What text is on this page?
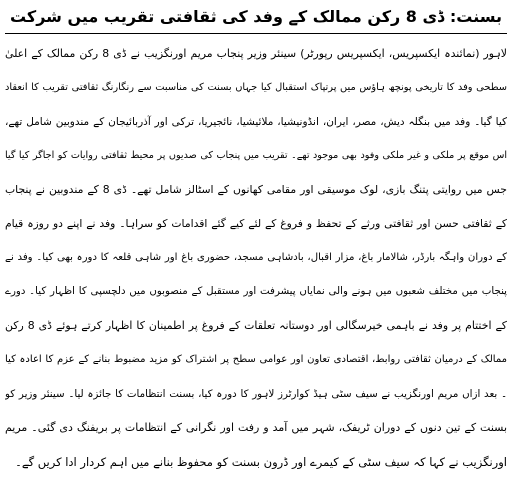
بسنت: ڈی 8 رکن ممالک کے وفد کی ثقافتی تقریب میں شرکت
لاہور (نمائندہ ایکسپریس، ایکسپریس رپورٹر) سینئر وزیر پنجاب مریم اورنگزیب نے ڈی 8 رکن ممالک کے اعلیٰ
سطحی وفد کا تاریخی پونچھ ہاؤس میں پرتپاک استقبال کیا جہاں بسنت کی مناسبت سے رنگارنگ ثقافتی تقریب کا انعقاد
کیا گیا۔ وفد میں بنگلہ دیش، مصر، ایران، انڈونیشیا، ملائیشیا، نائجیریا، ترکی اور آذربائیجان کے مندوبین شامل تھے،
اس موقع پر ملکی و غیر ملکی وفود بھی موجود تھے۔ تقریب میں پنجاب کی صدیوں پر محیط ثقافتی روایات کو اجاگر کیا گیا
جس میں روایتی پتنگ بازی، لوک موسیقی اور مقامی کھانوں کے اسٹالز شامل تھے۔ ڈی 8 کے مندوبین نے پنجاب
کے ثقافتی حسن اور ثقافتی ورثے کے تحفظ و فروغ کے لئے کیے گئے اقدامات کو سراہا۔ وفد نے اپنے دو روزہ قیام
کے دوران واہگہ بارڈر، شالامار باغ، مزار اقبال، بادشاہی مسجد، حضوری باغ اور شاہی قلعہ کا دورہ بھی کیا۔ وفد نے
پنجاب میں مختلف شعبوں میں ہونے والی نمایاں پیشرفت اور مستقبل کے منصوبوں میں دلچسپی کا اظہار کیا۔ دورے
کے اختتام پر وفد نے باہمی خیرسگالی اور دوستانہ تعلقات کے فروغ پر اطمینان کا اظہار کرتے ہوئے ڈی 8 رکن
ممالک کے درمیان ثقافتی روابط، اقتصادی تعاون اور عوامی سطح پر اشتراک کو مزید مضبوط بنانے کے عزم کا اعادہ کیا
۔ بعد ازاں مریم اورنگزیب نے سیف سٹی ہیڈ کوارٹرز لاہور کا دورہ کیا، بسنت انتظامات کا جائزہ لیا۔ سینئر وزیر کو
بسنت کے تین دنوں کے دوران ٹریفک، شہر میں آمد و رفت اور نگرانی کے انتظامات پر بریفنگ دی گئی۔ مریم
اورنگزیب نے کہا کہ سیف سٹی کے کیمرے اور ڈرون بسنت کو محفوظ بنانے میں اہم کردار ادا کریں گے۔
